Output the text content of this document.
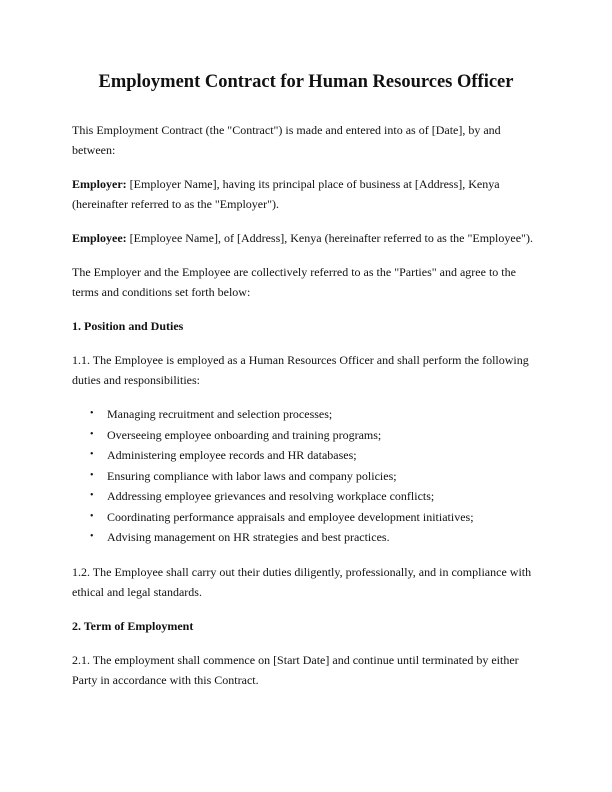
Employment Contract for Human Resources Officer

This Employment Contract (the "Contract") is made and entered into as of [Date], by and between:

Employer: [Employer Name], having its principal place of business at [Address], Kenya (hereinafter referred to as the "Employer").

Employee: [Employee Name], of [Address], Kenya (hereinafter referred to as the "Employee").

The Employer and the Employee are collectively referred to as the "Parties" and agree to the terms and conditions set forth below:

1. Position and Duties

1.1. The Employee is employed as a Human Resources Officer and shall perform the following duties and responsibilities:

• Managing recruitment and selection processes;
• Overseeing employee onboarding and training programs;
• Administering employee records and HR databases;
• Ensuring compliance with labor laws and company policies;
• Addressing employee grievances and resolving workplace conflicts;
• Coordinating performance appraisals and employee development initiatives;
• Advising management on HR strategies and best practices.

1.2. The Employee shall carry out their duties diligently, professionally, and in compliance with ethical and legal standards.

2. Term of Employment

2.1. The employment shall commence on [Start Date] and continue until terminated by either Party in accordance with this Contract.
